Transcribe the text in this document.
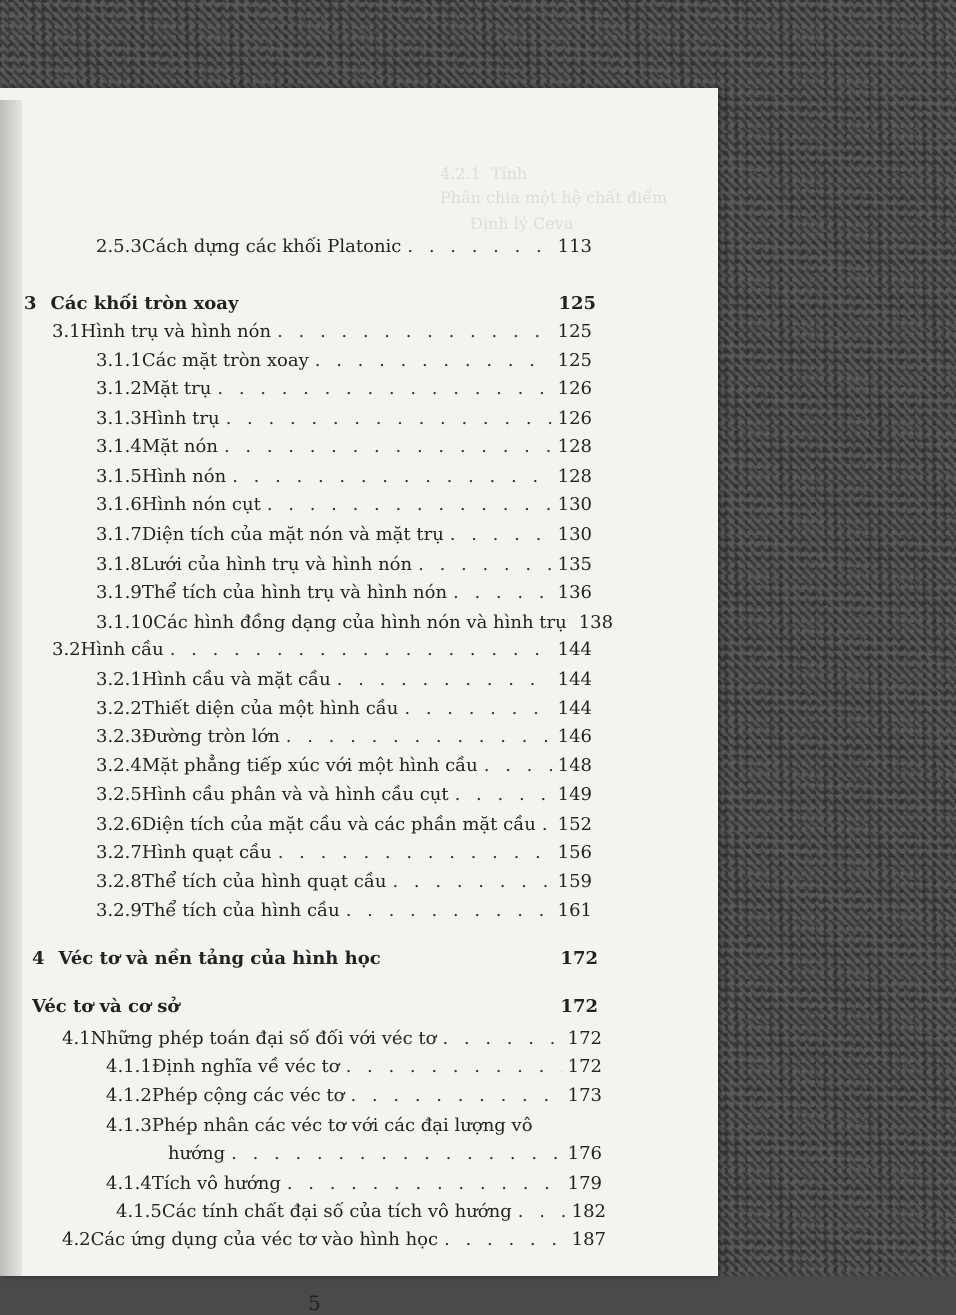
4.2.1  Tính
Phân chia một hệ chất điểm
Định lý Ceva
2.5.3 Cách dựng các khối Platonic . . .	113
3 Các khối tròn xoay	125
3.1 Hình trụ và hình nón . . .	125
3.1.1 Các mặt tròn xoay . . .	125
3.1.2 Mặt trụ . . .	126
3.1.3 Hình trụ . . .	126
3.1.4 Mặt nón . . .	128
3.1.5 Hình nón . . .	128
3.1.6 Hình nón cụt . . .	130
3.1.7 Diện tích của mặt nón và mặt trụ . . .	130
3.1.8 Lưới của hình trụ và hình nón . . .	135
3.1.9 Thể tích của hình trụ và hình nón . . .	136
3.1.10 Các hình đồng dạng của hình nón và hình trụ 138
3.2 Hình cầu . . .	144
3.2.1 Hình cầu và mặt cầu . . .	144
3.2.2 Thiết diện của một hình cầu . . .	144
3.2.3 Đường tròn lớn . . .	146
3.2.4 Mặt phẳng tiếp xúc với một hình cầu . . .	148
3.2.5 Hình cầu phân và và hình cầu cụt . . .	149
3.2.6 Diện tích của mặt cầu và các phần mặt cầu . . . 152
3.2.7 Hình quạt cầu . . .	156
3.2.8 Thể tích của hình quạt cầu . . .	159
3.2.9 Thể tích của hình cầu . . .	161
4 Véc tơ và nền tảng của hình học	172
Véc tơ và cơ sở	172
4.1 Những phép toán đại số đối với véc tơ . . .	172
4.1.1 Định nghĩa về véc tơ . . .	172
4.1.2 Phép cộng các véc tơ . . .	173
4.1.3 Phép nhân các véc tơ với các đại lượng vô
hướng . . .	176
4.1.4 Tích vô hướng . . .	179
4.1.5 Các tính chất đại số của tích vô hướng . . .	182
4.2 Các ứng dụng của véc tơ vào hình học . . .	187
5
